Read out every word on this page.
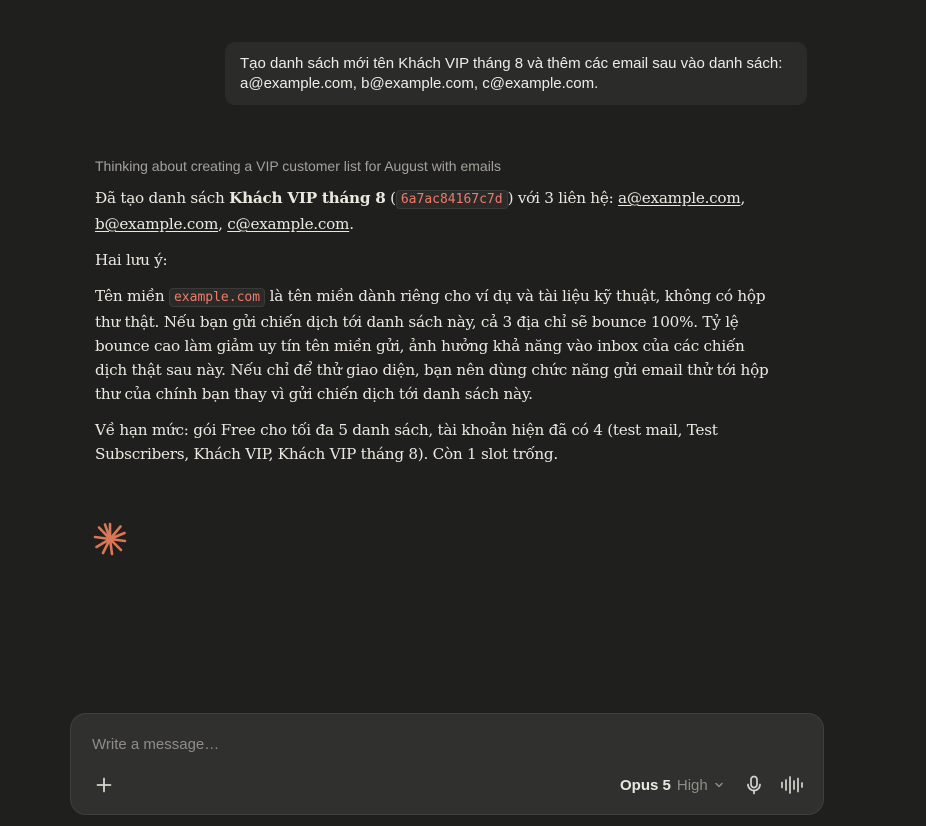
Tạo danh sách mới tên Khách VIP tháng 8 và thêm các email sau vào danh sách: a@example.com, b@example.com, c@example.com.
Thinking about creating a VIP customer list for August with emails

Đã tạo danh sách Khách VIP tháng 8 ( 6a7ac84167c7d ) với 3 liên hệ: a@example.com, b@example.com, c@example.com.

Hai lưu ý:

Tên miền example.com là tên miền dành riêng cho ví dụ và tài liệu kỹ thuật, không có hộp thư thật. Nếu bạn gửi chiến dịch tới danh sách này, cả 3 địa chỉ sẽ bounce 100%. Tỷ lệ bounce cao làm giảm uy tín tên miền gửi, ảnh hưởng khả năng vào inbox của các chiến dịch thật sau này. Nếu chỉ để thử giao diện, bạn nên dùng chức năng gửi email thử tới hộp thư của chính bạn thay vì gửi chiến dịch tới danh sách này.

Về hạn mức: gói Free cho tối đa 5 danh sách, tài khoản hiện đã có 4 (test mail, Test Subscribers, Khách VIP, Khách VIP tháng 8). Còn 1 slot trống.

Write a message…
Opus 5 High
